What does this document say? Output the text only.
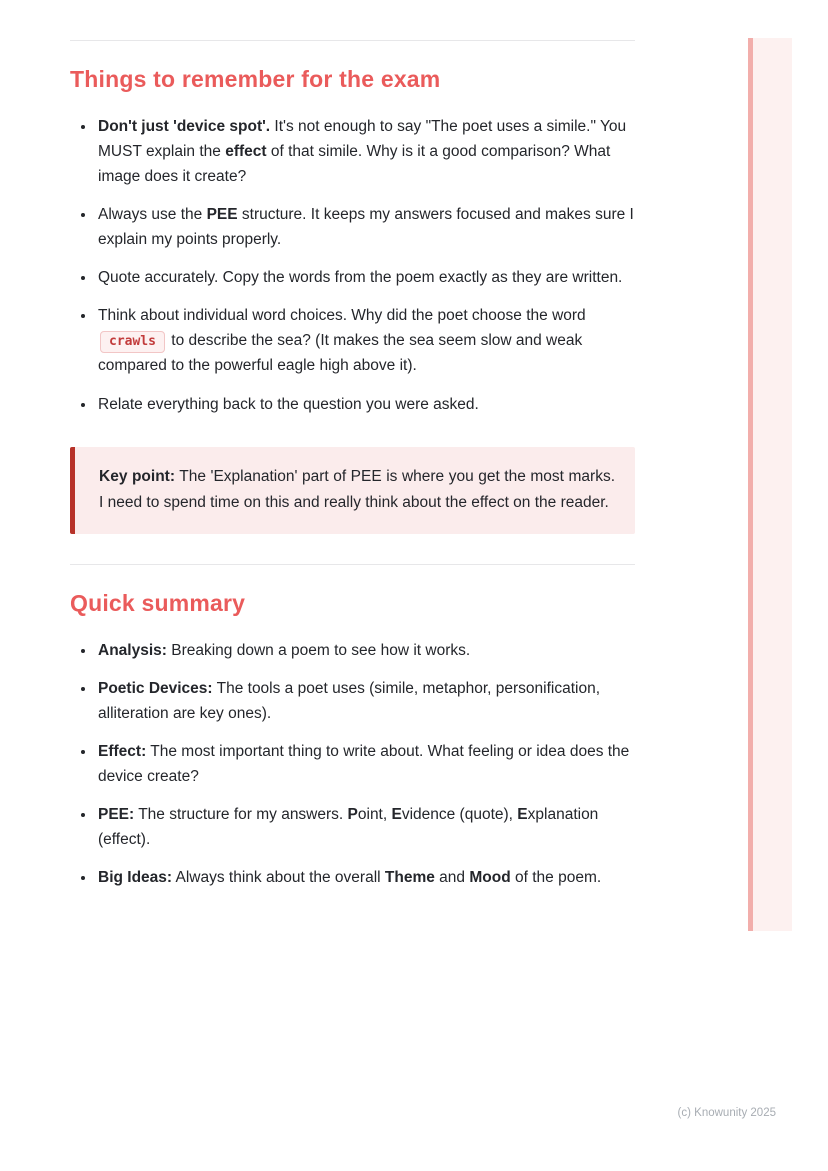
Things to remember for the exam
• Don't just 'device spot'. It's not enough to say "The poet uses a simile." You MUST explain the effect of that simile. Why is it a good comparison? What image does it create?
• Always use the PEE structure. It keeps my answers focused and makes sure I explain my points properly.
• Quote accurately. Copy the words from the poem exactly as they are written.
• Think about individual word choices. Why did the poet choose the word crawls to describe the sea? (It makes the sea seem slow and weak compared to the powerful eagle high above it).
• Relate everything back to the question you were asked.

Key point: The 'Explanation' part of PEE is where you get the most marks. I need to spend time on this and really think about the effect on the reader.

Quick summary
• Analysis: Breaking down a poem to see how it works.
• Poetic Devices: The tools a poet uses (simile, metaphor, personification, alliteration are key ones).
• Effect: The most important thing to write about. What feeling or idea does the device create?
• PEE: The structure for my answers. Point, Evidence (quote), Explanation (effect).
• Big Ideas: Always think about the overall Theme and Mood of the poem.
(c) Knowunity 2025
